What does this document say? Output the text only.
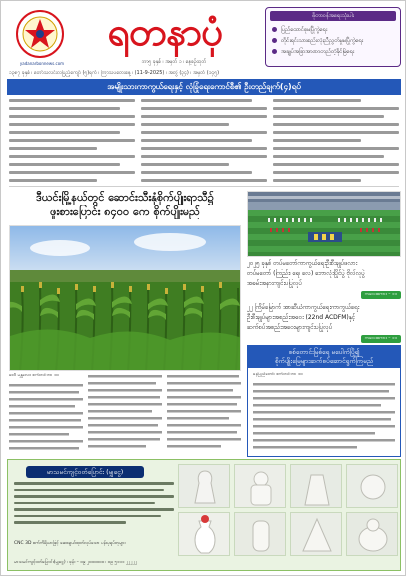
yadanarbonnews.com
ရတနာပုံ
ဘာ၅ ခုနှစ် ၊ အမှတ် ၁ ၊ နေ့စဉ်ထုတ်
ဓိုတာဝန်အရေးသုံးပါး
ပြည်ထောင်စုမပြိုကွဲရေး
တိုင်းရင်းသားစည်းလုံးညီညွတ်မှုမပြိုကွဲရေး
အချုပ်အခြာအာဏာတည်တံ့ခိုင်မြဲရေး
၁၃၈၇ ခုနှစ် ၊ တော်သလင်းလပြည့်ကျော် (၅)ရက် ၊ ကြာသပတေးနေ့ ၊ (11-9-2025) ၊ အတွဲ (၃၄) ၊ အမှတ် (၁၄၅)
အမျိုးသားကာကွယ်ရေးနှင့် လုံခြုံရေးကောင်စီ၏ ဦးတည်ချက်(၄)ရပ်
ဒီယင်းမြို့နယ်တွင် ဆောင်းသီးနှံစိုက်ပျိုးရာသီ၌
ဖူးစားပြောင်း ၈၄၀၀ ကေ စိုက်ပျိုးမည်
ဒေဝီ မန္တလေး၊ စက်တင်ဘာ ၁၀
၂၀၂၅ ခုနှစ် တပ်မတော်ကာကွယ်ရေးဦးစီးချုပ်ဖလား
တပ်မတော် (ကြည်း၊ ရေ၊ လေ) ဘောလုံးပြိုင်ပွဲ ဗိုလ်လုပွဲ
အခမ်းအနားကျင်းပပြုလုပ်
ကလေးစကား – ၁၁
၂၂ ကြိမ်မြောက် အာဆီယံကာကွယ်ရေးကာကွယ်ရေး
ဦးစီးချုပ်များအစည်းအဝေး (22nd ACDFM)နှင့်
ဆက်စပ်အစည်းအဝေးများကျင်းပပြုလုပ်
ကလေးစကား – ၁၁
စစ်တောင်းမြစ်ရေ မပေါက်ပြို၍
စိုက်ပျိုးမြေများဆက်စပ်ဆောင်ရွက်ကြမည်
နေပြည်တော်၊ စက်တင်ဘာ ၁၀
မာသမင်ကျင့်ဝတ်ပြောင်း (မျှငွေ)
CNC 3D စက်ကိရိယာဖြင့် ဆေးချယ်ထုတ်လုပ်သော ပန်းပုရုပ်တုများ
မာသမင်ကျင့်ဝတ်ပြောင်း(မျှငွေ) ၊ ဖုန်း – ၀၉ ၂၀၀၀၀၀၀ ၊ ၀၉ ၅၁၁၁ ၂၂၂၂၂
